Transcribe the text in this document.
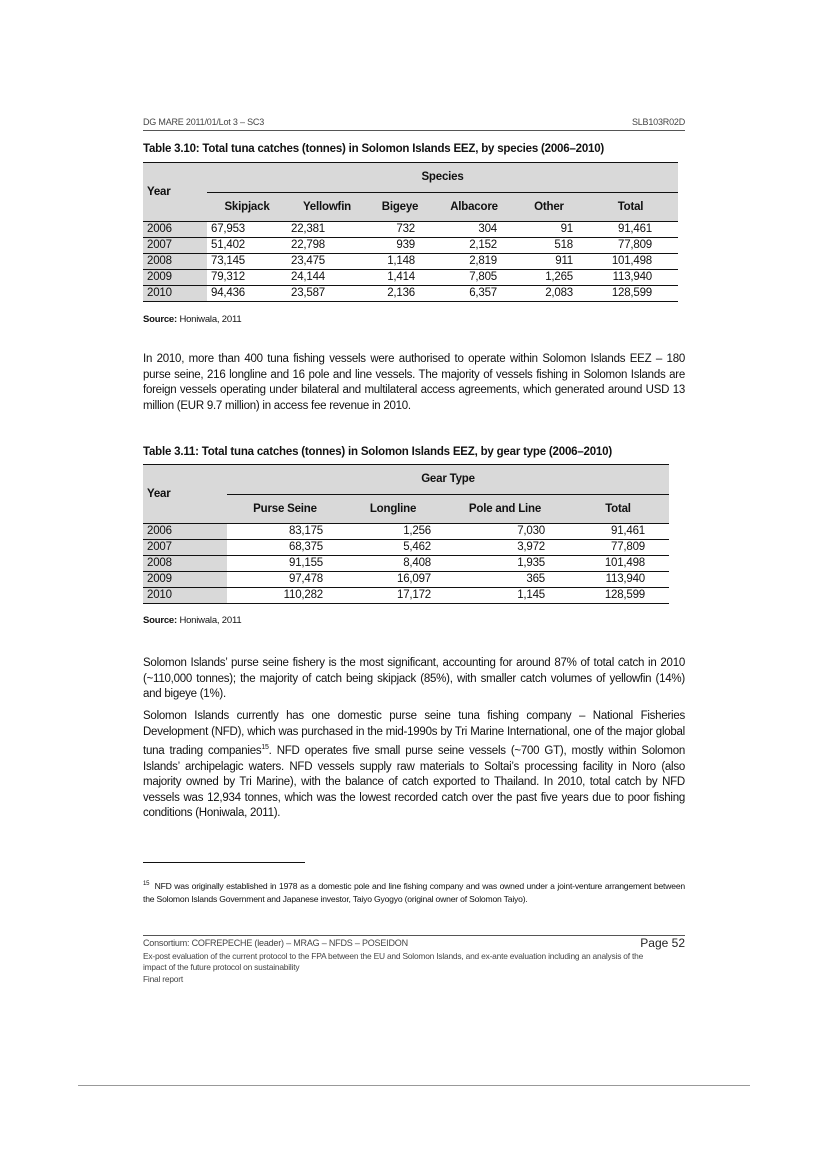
DG MARE 2011/01/Lot 3 – SC3	SLB103R02D
Table 3.10: Total tuna catches (tonnes) in Solomon Islands EEZ, by species (2006–2010)
Year	Species					
	Skipjack	Yellowfin	Bigeye	Albacore	Other	Total
2006	67,953	22,381	732	304	91	91,461
2007	51,402	22,798	939	2,152	518	77,809
2008	73,145	23,475	1,148	2,819	911	101,498
2009	79,312	24,144	1,414	7,805	1,265	113,940
2010	94,436	23,587	2,136	6,357	2,083	128,599
Source: Honiwala, 2011

In 2010, more than 400 tuna fishing vessels were authorised to operate within Solomon Islands EEZ – 180 purse seine, 216 longline and 16 pole and line vessels. The majority of vessels fishing in Solomon Islands are foreign vessels operating under bilateral and multilateral access agreements, which generated around USD 13 million (EUR 9.7 million) in access fee revenue in 2010.

Table 3.11: Total tuna catches (tonnes) in Solomon Islands EEZ, by gear type (2006–2010)
Year	Gear Type			
	Purse Seine	Longline	Pole and Line	Total
2006	83,175	1,256	7,030	91,461
2007	68,375	5,462	3,972	77,809
2008	91,155	8,408	1,935	101,498
2009	97,478	16,097	365	113,940
2010	110,282	17,172	1,145	128,599
Source: Honiwala, 2011

Solomon Islands’ purse seine fishery is the most significant, accounting for around 87% of total catch in 2010 (~110,000 tonnes); the majority of catch being skipjack (85%), with smaller catch volumes of yellowfin (14%) and bigeye (1%).

Solomon Islands currently has one domestic purse seine tuna fishing company – National Fisheries Development (NFD), which was purchased in the mid-1990s by Tri Marine International, one of the major global tuna trading companies$^{15}$. NFD operates five small purse seine vessels (~700 GT), mostly within Solomon Islands’ archipelagic waters. NFD vessels supply raw materials to Soltai’s processing facility in Noro (also majority owned by Tri Marine), with the balance of catch exported to Thailand. In 2010, total catch by NFD vessels was 12,934 tonnes, which was the lowest recorded catch over the past five years due to poor fishing conditions (Honiwala, 2011).

$^{15}$ NFD was originally established in 1978 as a domestic pole and line fishing company and was owned under a joint-venture arrangement between the Solomon Islands Government and Japanese investor, Taiyo Gyogyo (original owner of Solomon Taiyo).

Consortium: COFREPECHE (leader) – MRAG – NFDS – POSEIDON	Page 52
Ex-post evaluation of the current protocol to the FPA between the EU and Solomon Islands, and ex-ante evaluation including an analysis of the
impact of the future protocol on sustainability
Final report
